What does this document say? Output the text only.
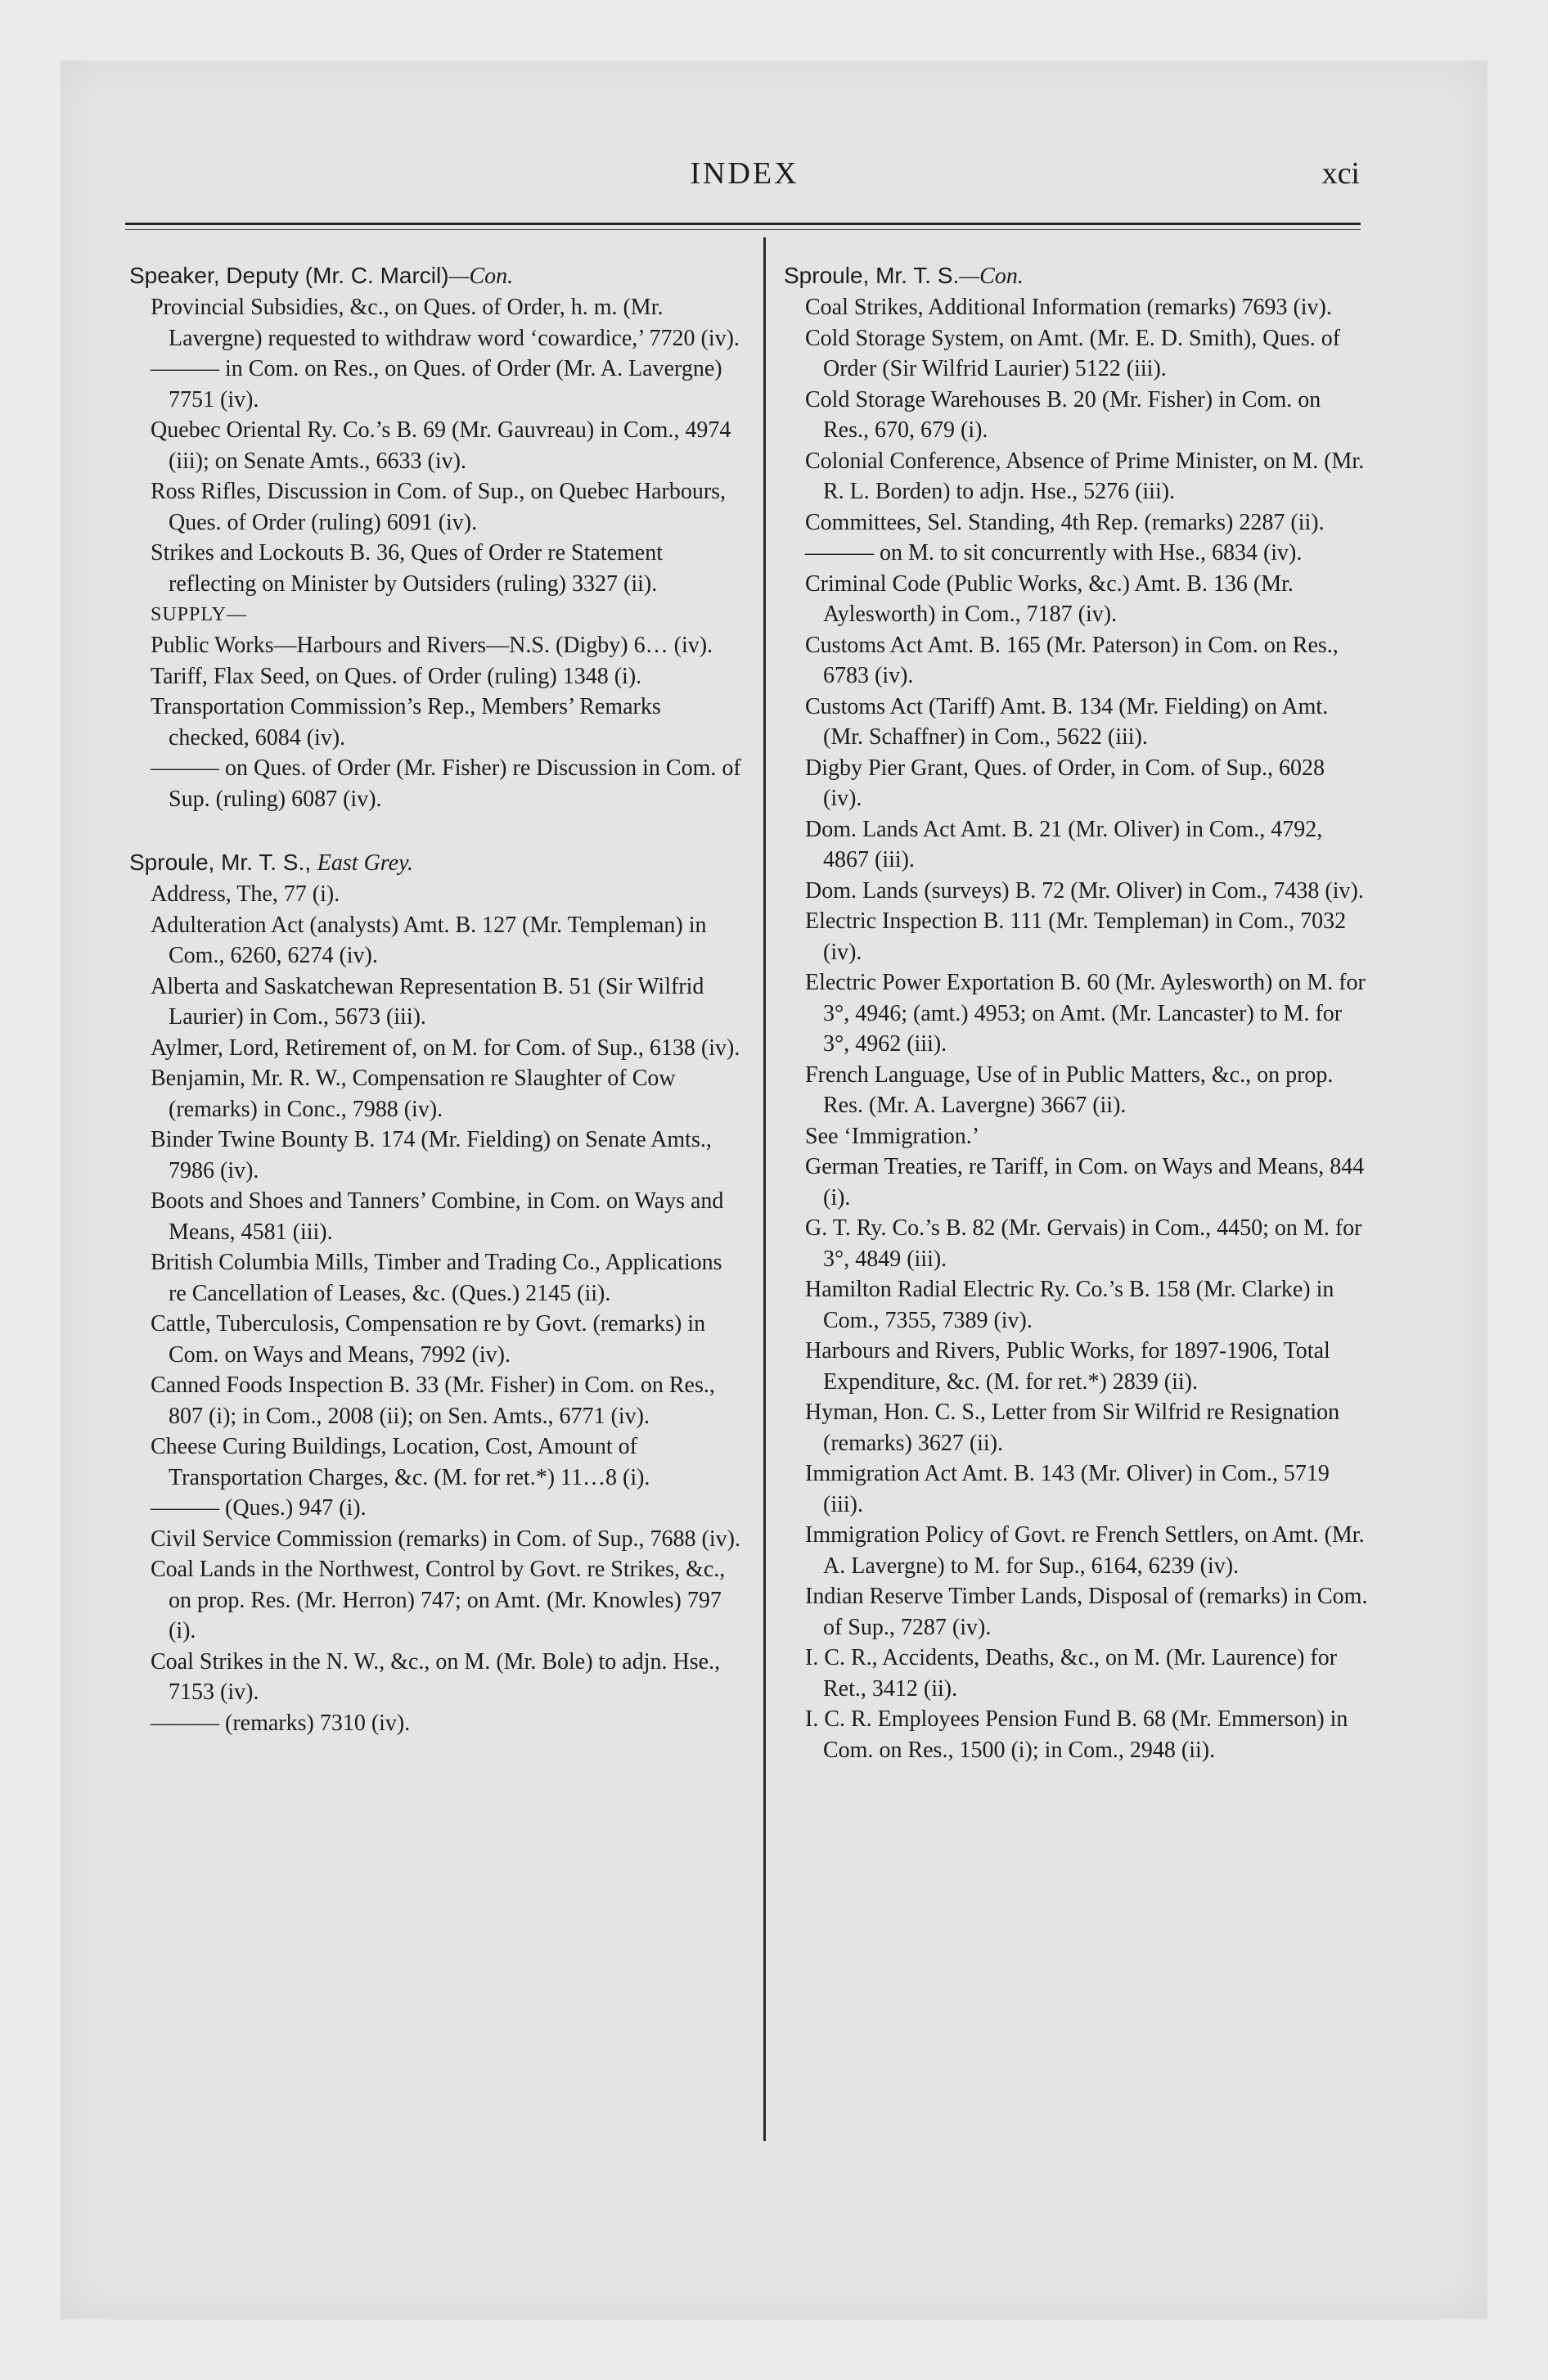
INDEX	xci
Speaker, Deputy (Mr. C. Marcil)—Con.
Provincial Subsidies, &c., on Ques. of Order, h. m. (Mr. Lavergne) requested to withdraw word ‘cowardice,’ 7720 (iv).
——— in Com. on Res., on Ques. of Order (Mr. A. Lavergne) 7751 (iv).
Quebec Oriental Ry. Co.’s B. 69 (Mr. Gauvreau) in Com., 4974 (iii); on Senate Amts., 6633 (iv).
Ross Rifles, Discussion in Com. of Sup., on Quebec Harbours, Ques. of Order (ruling) 6091 (iv).
Strikes and Lockouts B. 36, Ques of Order re Statement reflecting on Minister by Outsiders (ruling) 3327 (ii).
SUPPLY—
Public Works—Harbours and Rivers—N.S. (Digby) 6… (iv).
Tariff, Flax Seed, on Ques. of Order (ruling) 1348 (i).
Transportation Commission’s Rep., Members’ Remarks checked, 6084 (iv).
——— on Ques. of Order (Mr. Fisher) re Discussion in Com. of Sup. (ruling) 6087 (iv).
Sproule, Mr. T. S., East Grey.
Address, The, 77 (i).
Adulteration Act (analysts) Amt. B. 127 (Mr. Templeman) in Com., 6260, 6274 (iv).
Alberta and Saskatchewan Representation B. 51 (Sir Wilfrid Laurier) in Com., 5673 (iii).
Aylmer, Lord, Retirement of, on M. for Com. of Sup., 6138 (iv).
Benjamin, Mr. R. W., Compensation re Slaughter of Cow (remarks) in Conc., 7988 (iv).
Binder Twine Bounty B. 174 (Mr. Fielding) on Senate Amts., 7986 (iv).
Boots and Shoes and Tanners’ Combine, in Com. on Ways and Means, 4581 (iii).
British Columbia Mills, Timber and Trading Co., Applications re Cancellation of Leases, &c. (Ques.) 2145 (ii).
Cattle, Tuberculosis, Compensation re by Govt. (remarks) in Com. on Ways and Means, 7992 (iv).
Canned Foods Inspection B. 33 (Mr. Fisher) in Com. on Res., 807 (i); in Com., 2008 (ii); on Sen. Amts., 6771 (iv).
Cheese Curing Buildings, Location, Cost, Amount of Transportation Charges, &c. (M. for ret.*) 11…8 (i).
——— (Ques.) 947 (i).
Civil Service Commission (remarks) in Com. of Sup., 7688 (iv).
Coal Lands in the Northwest, Control by Govt. re Strikes, &c., on prop. Res. (Mr. Herron) 747; on Amt. (Mr. Knowles) 797 (i).
Coal Strikes in the N. W., &c., on M. (Mr. Bole) to adjn. Hse., 7153 (iv).
——— (remarks) 7310 (iv).
Sproule, Mr. T. S.—Con.
Coal Strikes, Additional Information (remarks) 7693 (iv).
Cold Storage System, on Amt. (Mr. E. D. Smith), Ques. of Order (Sir Wilfrid Laurier) 5122 (iii).
Cold Storage Warehouses B. 20 (Mr. Fisher) in Com. on Res., 670, 679 (i).
Colonial Conference, Absence of Prime Minister, on M. (Mr. R. L. Borden) to adjn. Hse., 5276 (iii).
Committees, Sel. Standing, 4th Rep. (remarks) 2287 (ii).
——— on M. to sit concurrently with Hse., 6834 (iv).
Criminal Code (Public Works, &c.) Amt. B. 136 (Mr. Aylesworth) in Com., 7187 (iv).
Customs Act Amt. B. 165 (Mr. Paterson) in Com. on Res., 6783 (iv).
Customs Act (Tariff) Amt. B. 134 (Mr. Fielding) on Amt. (Mr. Schaffner) in Com., 5622 (iii).
Digby Pier Grant, Ques. of Order, in Com. of Sup., 6028 (iv).
Dom. Lands Act Amt. B. 21 (Mr. Oliver) in Com., 4792, 4867 (iii).
Dom. Lands (surveys) B. 72 (Mr. Oliver) in Com., 7438 (iv).
Electric Inspection B. 111 (Mr. Templeman) in Com., 7032 (iv).
Electric Power Exportation B. 60 (Mr. Aylesworth) on M. for 3°, 4946; (amt.) 4953; on Amt. (Mr. Lancaster) to M. for 3°, 4962 (iii).
French Language, Use of in Public Matters, &c., on prop. Res. (Mr. A. Lavergne) 3667 (ii).
See ‘Immigration.’
German Treaties, re Tariff, in Com. on Ways and Means, 844 (i).
G. T. Ry. Co.’s B. 82 (Mr. Gervais) in Com., 4450; on M. for 3°, 4849 (iii).
Hamilton Radial Electric Ry. Co.’s B. 158 (Mr. Clarke) in Com., 7355, 7389 (iv).
Harbours and Rivers, Public Works, for 1897-1906, Total Expenditure, &c. (M. for ret.*) 2839 (ii).
Hyman, Hon. C. S., Letter from Sir Wilfrid re Resignation (remarks) 3627 (ii).
Immigration Act Amt. B. 143 (Mr. Oliver) in Com., 5719 (iii).
Immigration Policy of Govt. re French Settlers, on Amt. (Mr. A. Lavergne) to M. for Sup., 6164, 6239 (iv).
Indian Reserve Timber Lands, Disposal of (remarks) in Com. of Sup., 7287 (iv).
I. C. R., Accidents, Deaths, &c., on M. (Mr. Laurence) for Ret., 3412 (ii).
I. C. R. Employees Pension Fund B. 68 (Mr. Emmerson) in Com. on Res., 1500 (i); in Com., 2948 (ii).
